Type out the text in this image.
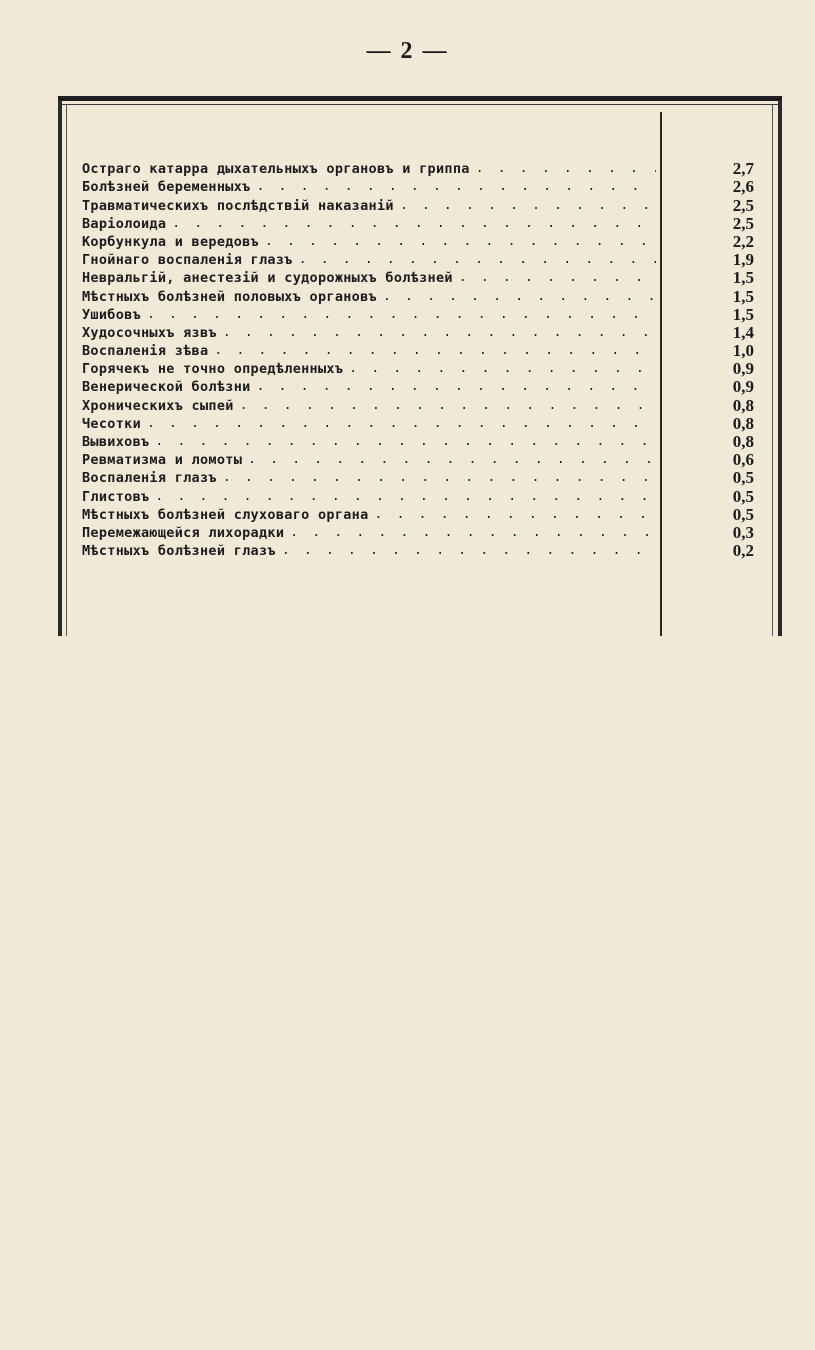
— 2 —
Остраго катарра дыхательныхъ органовъ и гриппа . . .	2,7
Болѣзней беременныхъ . . .	2,6
Травматическихъ послѣдствій наказаній . . .	2,5
Варіолоида . . .	2,5
Корбункула и вередовъ . . .	2,2
Гнойнаго воспаленія глазъ . . .	1,9
Невральгій, анестезій и судорожныхъ болѣзней . . .	1,5
Мѣстныхъ болѣзней половыхъ органовъ . . .	1,5
Ушибовъ . . .	1,5
Худосочныхъ язвъ . . .	1,4
Воспаленія зѣва . . .	1,0
Горячекъ не точно опредѣленныхъ . . .	0,9
Венерической болѣзни . . .	0,9
Хроническихъ сыпей . . .	0,8
Чесотки . . .	0,8
Вывиховъ . . .	0,8
Ревматизма и ломоты . . .	0,6
Воспаленія глазъ . . .	0,5
Глистовъ . . .	0,5
Мѣстныхъ болѣзней слуховаго органа . . .	0,5
Перемежающейся лихорадки . . .	0,3
Мѣстныхъ болѣзней глазъ . . .	0,2
